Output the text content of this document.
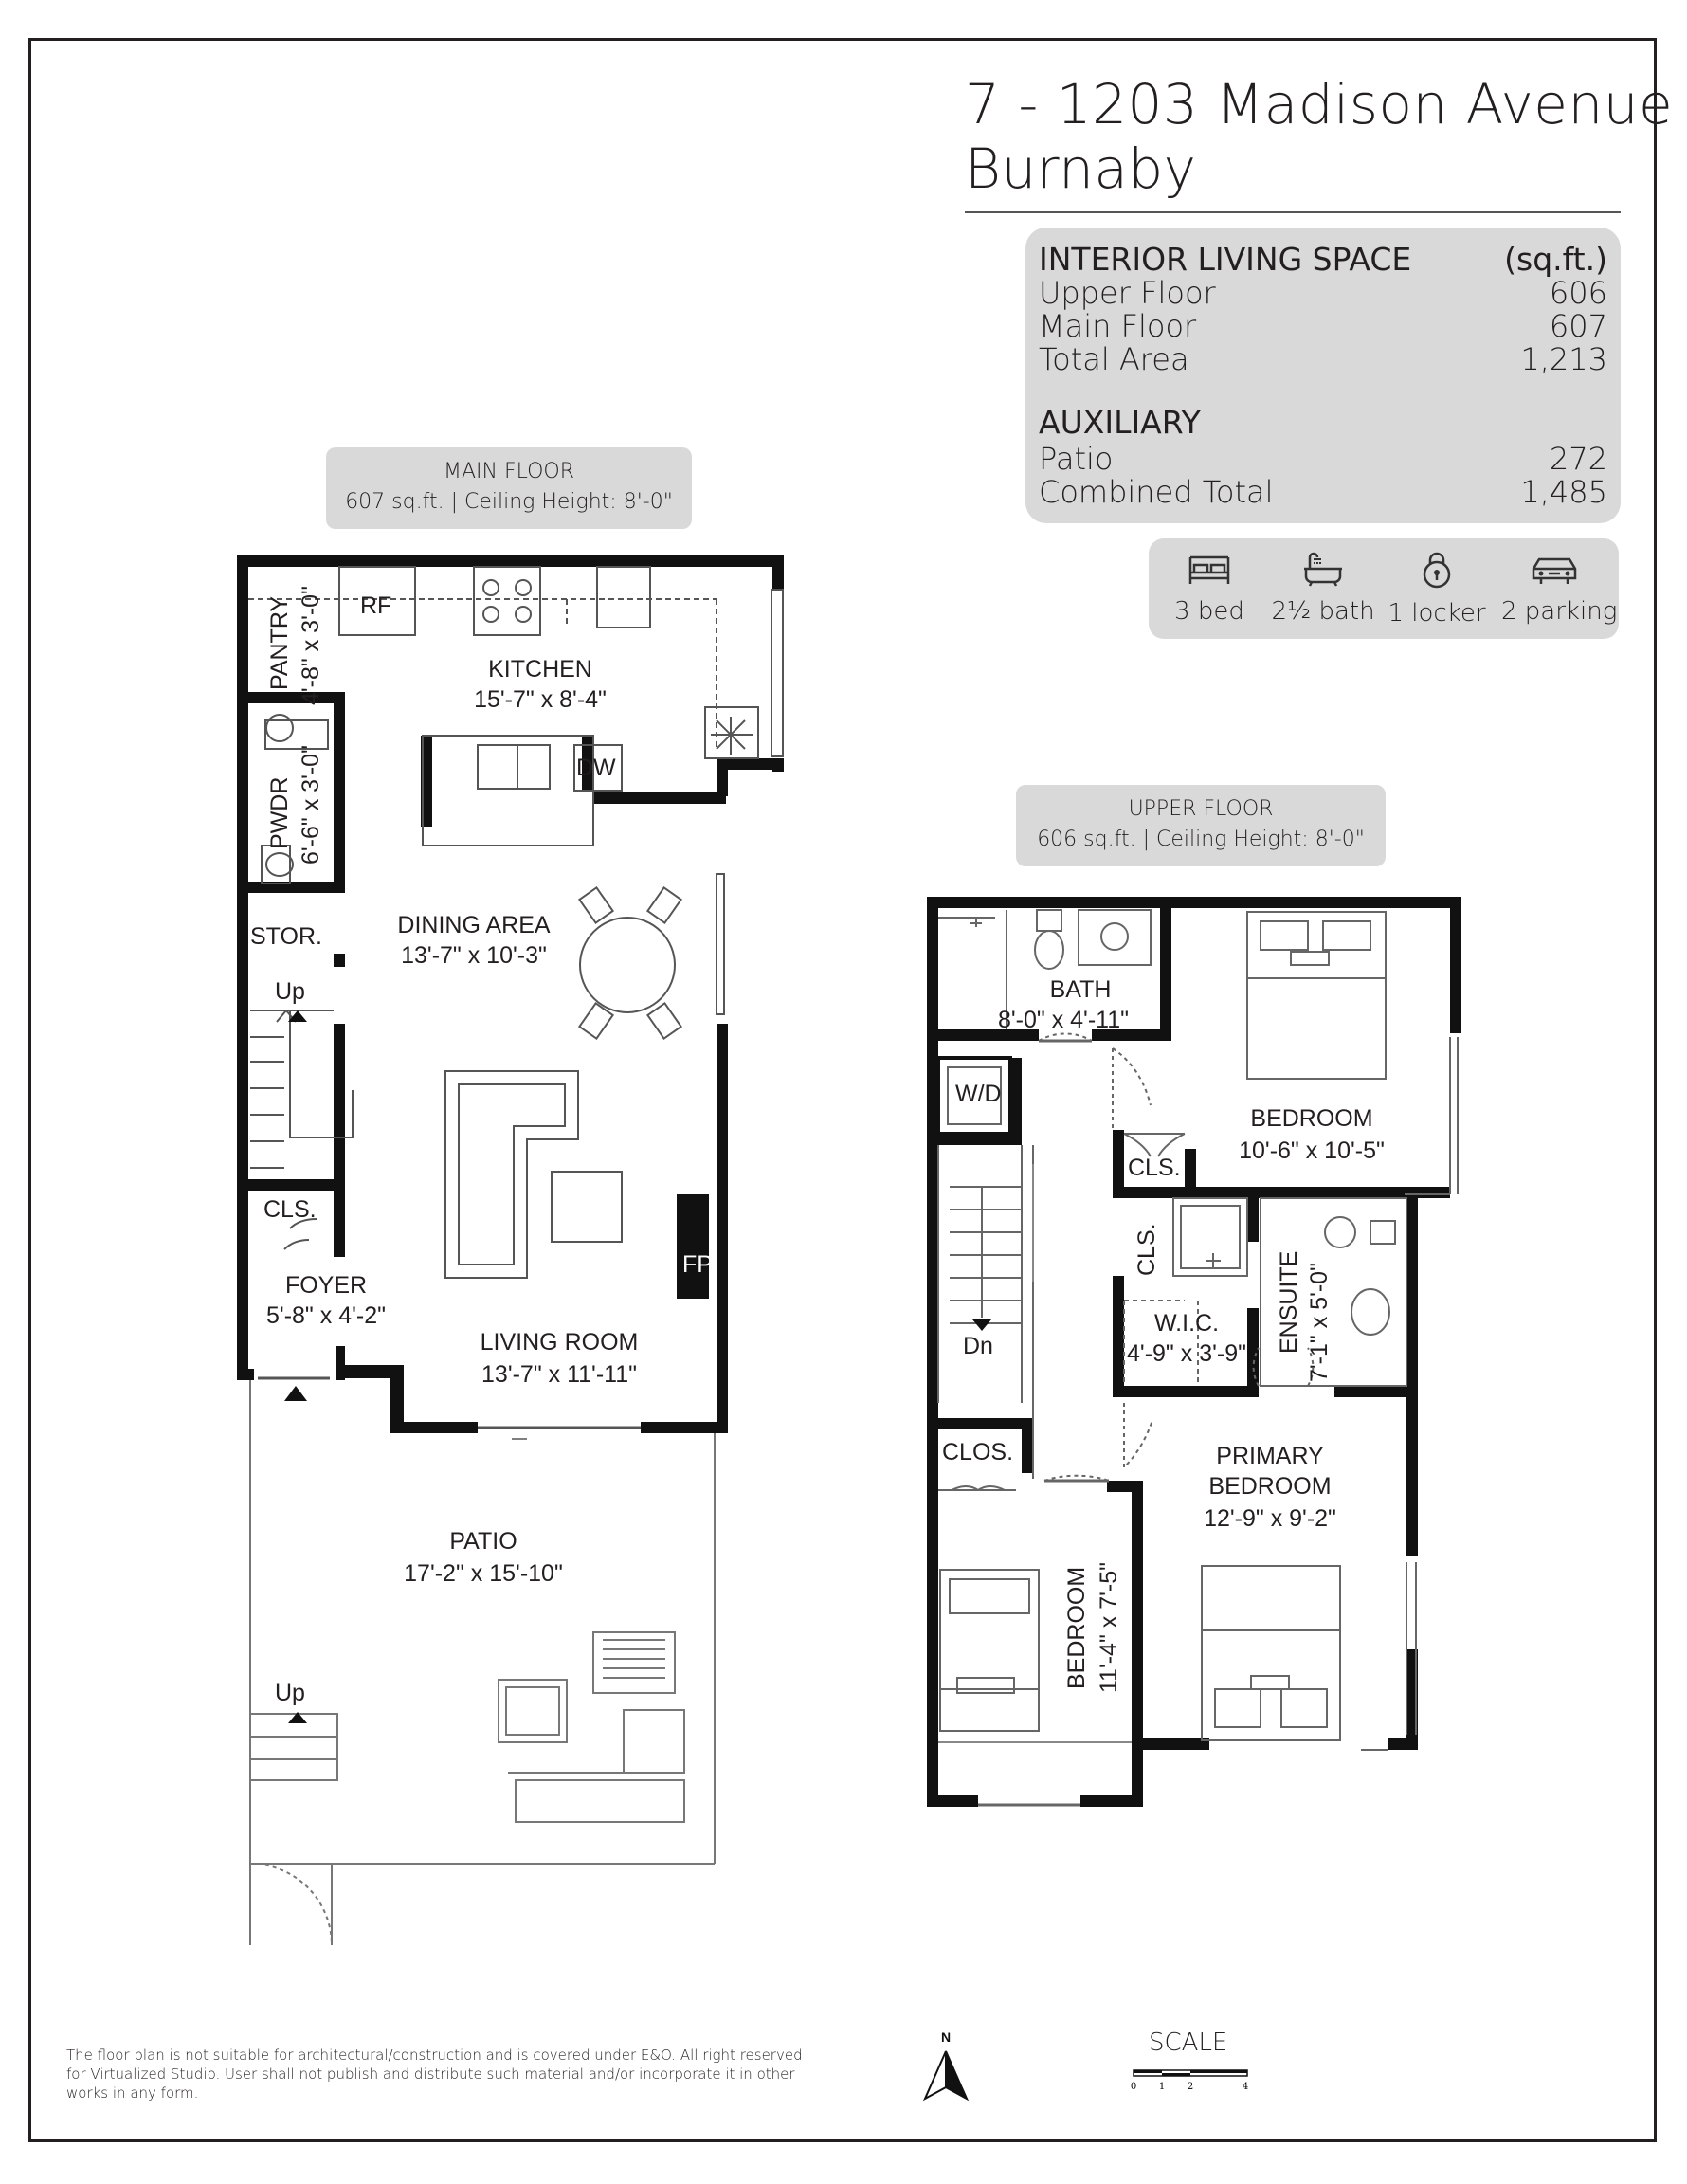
7 - 1203 Madison Avenue
Burnaby
INTERIOR LIVING SPACE	(sq.ft.)
Upper Floor	606
Main Floor	607
Total Area	1,213
AUXILIARY
Patio	272
Combined Total	1,485
3 bed	2½ bath 1 locker 2 parking
MAIN FLOOR
607 sq.ft. | Ceiling Height: 8'-0"
UPPER FLOOR
606 sq.ft. | Ceiling Height: 8'-0"
RF
DW
FP
Up
Up
KITCHEN
15'-7" x 8'-4"
PANTRY 4'-8" x 3'-0"
PWDR 6'-6" x 3'-0"
DINING AREA
13'-7" x 10'-3"
STOR.
CLS.
FOYER
5'-8" x 4'-2"
LIVING ROOM
13'-7" x 11'-11"
PATIO
17'-2" x 15'-10"
BATH
8'-0" x 4'-11"
W/D
BEDROOM
10'-6" x 10'-5"
CLS.
CLS.
W.I.C.
4'-9" x 3'-9" ENSUITE 7'-1" x 5'-0"
Dn
CLOS.	PRIMARY
BEDROOM
12'-9" x 9'-2"
BEDROOM 11'-4" x 7'-5"
The floor plan is not suitable for architectural/construction and is covered under E&O. All right reserved for Virtualized Studio. User shall not publish and distribute such material and/or incorporate it in other works in any form.
N	SCALE
0 1 2	4
